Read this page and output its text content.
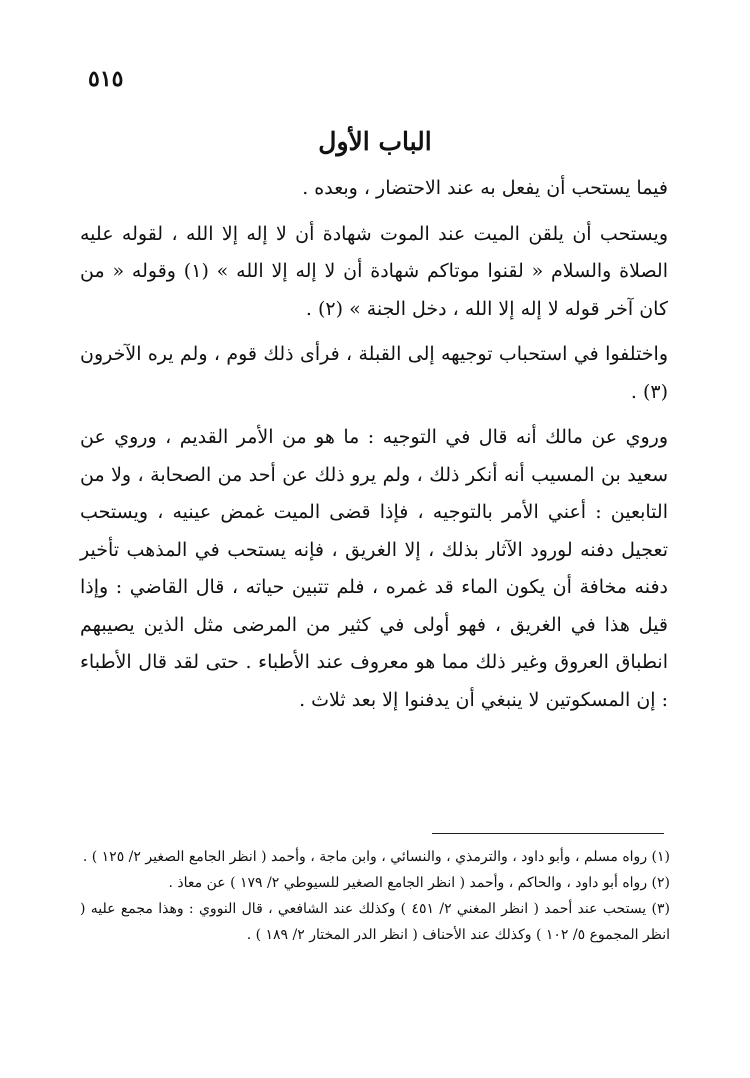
٥١٥
الباب الأول

فيما يستحب أن يفعل به عند الاحتضار ، وبعده .

ويستحب أن يلقن الميت عند الموت شهادة أن لا إله إلا الله ، لقوله عليه الصلاة والسلام « لقنوا موتاكم شهادة أن لا إله إلا الله » (١) وقوله « من كان آخر قوله لا إله إلا الله ، دخل الجنة » (٢) .

واختلفوا في استحباب توجيهه إلى القبلة ، فرأى ذلك قوم ، ولم يره الآخرون (٣) .

وروي عن مالك أنه قال في التوجيه : ما هو من الأمر القديم ، وروي عن سعيد بن المسيب أنه أنكر ذلك ، ولم يرو ذلك عن أحد من الصحابة ، ولا من التابعين : أعني الأمر بالتوجيه ، فإذا قضى الميت غمض عينيه ، ويستحب تعجيل دفنه لورود الآثار بذلك ، إلا الغريق ، فإنه يستحب في المذهب تأخير دفنه مخافة أن يكون الماء قد غمره ، فلم تتبين حياته ، قال القاضي : وإذا قيل هذا في الغريق ، فهو أولى في كثير من المرضى مثل الذين يصيبهم انطباق العروق وغير ذلك مما هو معروف عند الأطباء . حتى لقد قال الأطباء : إن المسكوتين لا ينبغي أن يدفنوا إلا بعد ثلاث .

(١) رواه مسلم ، وأبو داود ، والترمذي ، والنسائي ، وابن ماجة ، وأحمد ( انظر الجامع الصغير ٢/ ١٢٥ ) .

(٢) رواه أبو داود ، والحاكم ، وأحمد ( انظر الجامع الصغير للسيوطي ٢/ ١٧٩ ) عن معاذ .

(٣) يستحب عند أحمد ( انظر المغني ٢/ ٤٥١ ) وكذلك عند الشافعي ، قال النووي : وهذا مجمع عليه ( انظر المجموع ٥/ ١٠٢ ) وكذلك عند الأحناف ( انظر الدر المختار ٢/ ١٨٩ ) .
